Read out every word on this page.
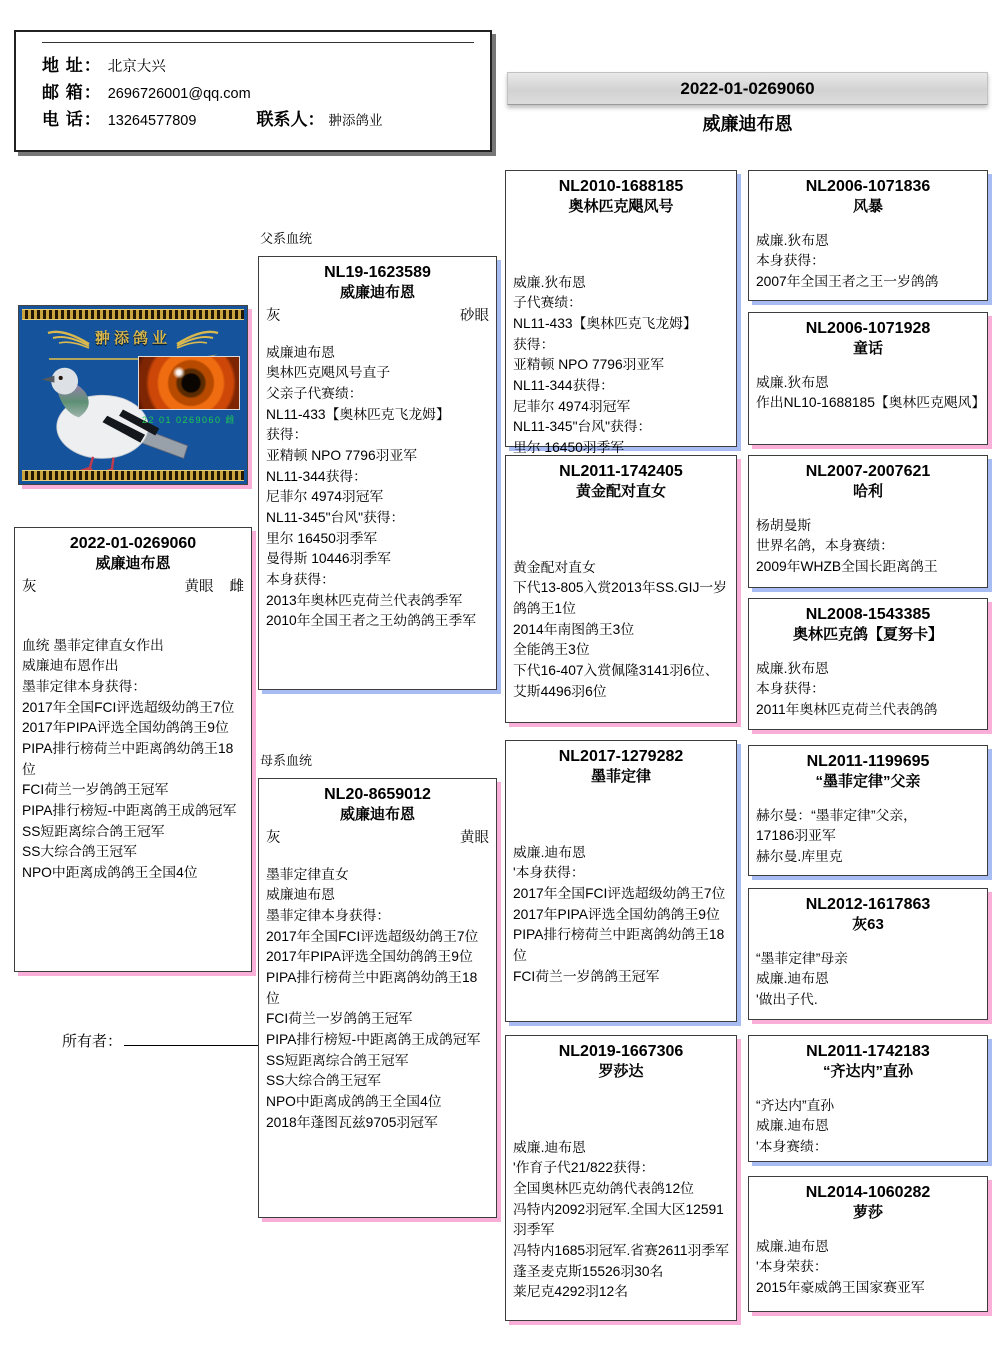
地 址： 北京大兴
邮 箱： 2696726001@qq.com
电 话： 13264577809	联系人： 翀添鸽业
2022-01-0269060
威廉迪布恩
翀添鸽业
22 01 0269060 雌
2022-01-0269060
威廉迪布恩
灰	黄眼 雌
血统 墨菲定律直女作出
威廉迪布恩作出
墨菲定律本身获得：
2017年全国FCI评选超级幼鸽王7位
2017年PIPA评选全国幼鸽鸽王9位
PIPA排行榜荷兰中距离鸽幼鸽王18位
FCI荷兰一岁鸽鸽王冠军
PIPA排行榜短-中距离鸽王成鸽冠军
SS短距离综合鸽王冠军
SS大综合鸽王冠军
NPO中距离成鸽鸽王全国4位
所有者：
父系血统
母系血统
NL19-1623589
威廉迪布恩
灰	砂眼
威廉迪布恩
奥林匹克飓风号直子
父亲子代赛绩：
NL11-433【奥林匹克飞龙姆】
获得：
亚精顿 NPO 7796羽亚军
NL11-344获得：
尼菲尔 4974羽冠军
NL11-345"台风"获得：
里尔 16450羽季军
曼得斯 10446羽季军
本身获得：
2013年奥林匹克荷兰代表鸽季军
2010年全国王者之王幼鸽鸽王季军
NL20-8659012
威廉迪布恩
灰	黄眼
墨菲定律直女
威廉迪布恩
墨菲定律本身获得：
2017年全国FCI评选超级幼鸽王7位
2017年PIPA评选全国幼鸽鸽王9位
PIPA排行榜荷兰中距离鸽幼鸽王18位
FCI荷兰一岁鸽鸽王冠军
PIPA排行榜短-中距离鸽王成鸽冠军
SS短距离综合鸽王冠军
SS大综合鸽王冠军
NPO中距离成鸽鸽王全国4位
2018年蓬图瓦兹9705羽冠军
NL2010-1688185
奥林匹克飓风号
威廉.狄布恩
子代赛绩：
NL11-433【奥林匹克飞龙姆】
获得：
亚精顿 NPO 7796羽亚军
NL11-344获得：
尼菲尔 4974羽冠军
NL11-345"台风"获得：
里尔 16450羽季军
NL2011-1742405
黄金配对直女
黄金配对直女
下代13-805入赏2013年SS.GIJ一岁鸽鸽王1位
2014年南图鸽王3位
全能鸽王3位
下代16-407入赏佩隆3141羽6位、艾斯4496羽6位
NL2017-1279282
墨菲定律
威廉.迪布恩
'本身获得：
2017年全国FCI评选超级幼鸽王7位
2017年PIPA评选全国幼鸽鸽王9位
PIPA排行榜荷兰中距离鸽幼鸽王18位
FCI荷兰一岁鸽鸽王冠军
NL2019-1667306
罗莎达
威廉.迪布恩
'作育子代21/822获得：
全国奥林匹克幼鸽代表鸽12位
冯特内2092羽冠军.全国大区12591羽季军
冯特内1685羽冠军.省赛2611羽季军
蓬圣麦克斯15526羽30名
莱尼克4292羽12名
NL2006-1071836
风暴
威廉.狄布恩
本身获得：
2007年全国王者之王一岁鸽鸽
NL2006-1071928
童话
威廉.狄布恩
作出NL10-1688185【奥林匹克飓风】
NL2007-2007621
哈利
杨胡曼斯
世界名鸽，本身赛绩：
2009年WHZB全国长距离鸽王
NL2008-1543385
奥林匹克鸽【夏努卡】
威廉.狄布恩
本身获得：
2011年奥林匹克荷兰代表鸽鸽
NL2011-1199695
“墨菲定律”父亲
赫尔曼：“墨菲定律”父亲，
17186羽亚军
赫尔曼.库里克
NL2012-1617863
灰63
“墨菲定律”母亲
威廉.迪布恩
'做出子代.
NL2011-1742183
“齐达内”直孙
“齐达内”直孙
威廉.迪布恩
'本身赛绩：
NL2014-1060282
萝莎
威廉.迪布恩
'本身荣获：
2015年豪威鸽王国家赛亚军
